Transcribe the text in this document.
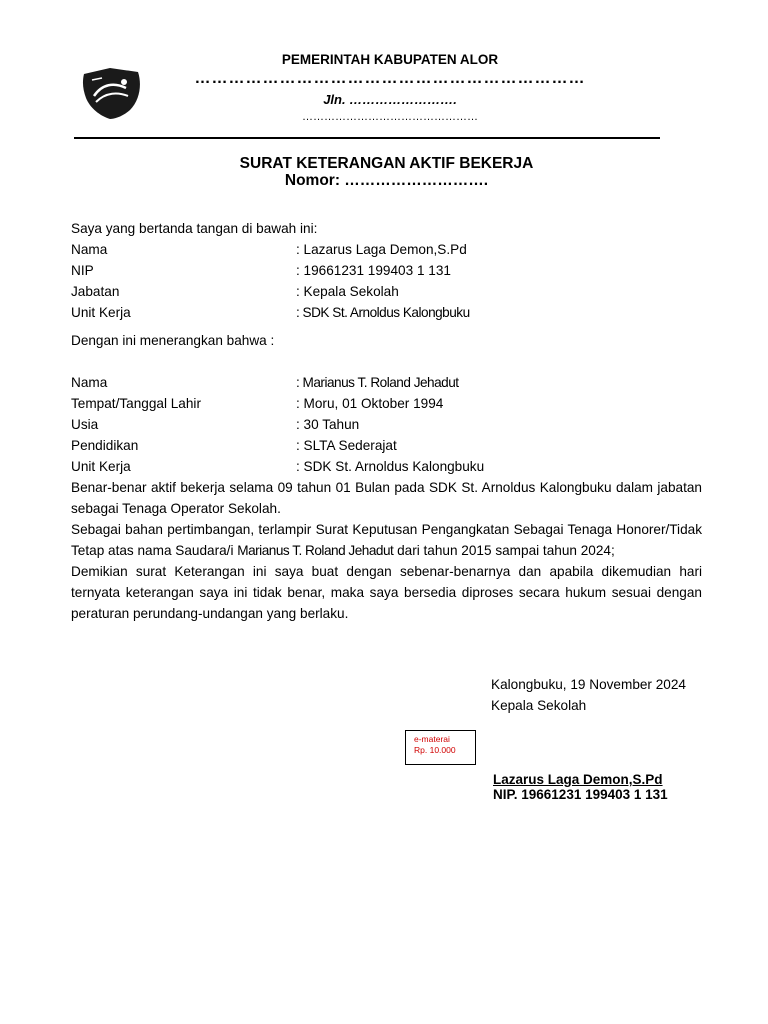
PEMERINTAH KABUPATEN ALOR
……………………………………………………………
Jln. …………………….
…………………………………………
SURAT KETERANGAN AKTIF BEKERJA
Nomor: ……………………….
Saya yang bertanda tangan di bawah ini:
Nama	: Lazarus Laga Demon,S.Pd
NIP	: 19661231 199403 1 131
Jabatan	: Kepala Sekolah
Unit Kerja	: SDK St. Arnoldus Kalongbuku
Dengan ini menerangkan bahwa :
Nama	: Marianus T. Roland Jehadut
Tempat/Tanggal Lahir	: Moru, 01 Oktober 1994
Usia	: 30 Tahun
Pendidikan	: SLTA Sederajat
Unit Kerja	: SDK St. Arnoldus Kalongbuku

Benar-benar aktif bekerja selama 09 tahun 01 Bulan pada SDK St. Arnoldus Kalongbuku dalam jabatan sebagai Tenaga Operator Sekolah.

Sebagai bahan pertimbangan, terlampir Surat Keputusan Pengangkatan Sebagai Tenaga Honorer/Tidak Tetap atas nama Saudara/i Marianus T. Roland Jehadut dari tahun 2015 sampai tahun 2024;

Demikian surat Keterangan ini saya buat dengan sebenar-benarnya dan apabila dikemudian hari ternyata keterangan saya ini tidak benar, maka saya bersedia diproses secara hukum sesuai dengan peraturan perundang-undangan yang berlaku.

Kalongbuku, 19 November 2024
Kepala Sekolah
e-materai
Rp. 10.000
Lazarus Laga Demon,S.Pd
NIP. 19661231 199403 1 131
